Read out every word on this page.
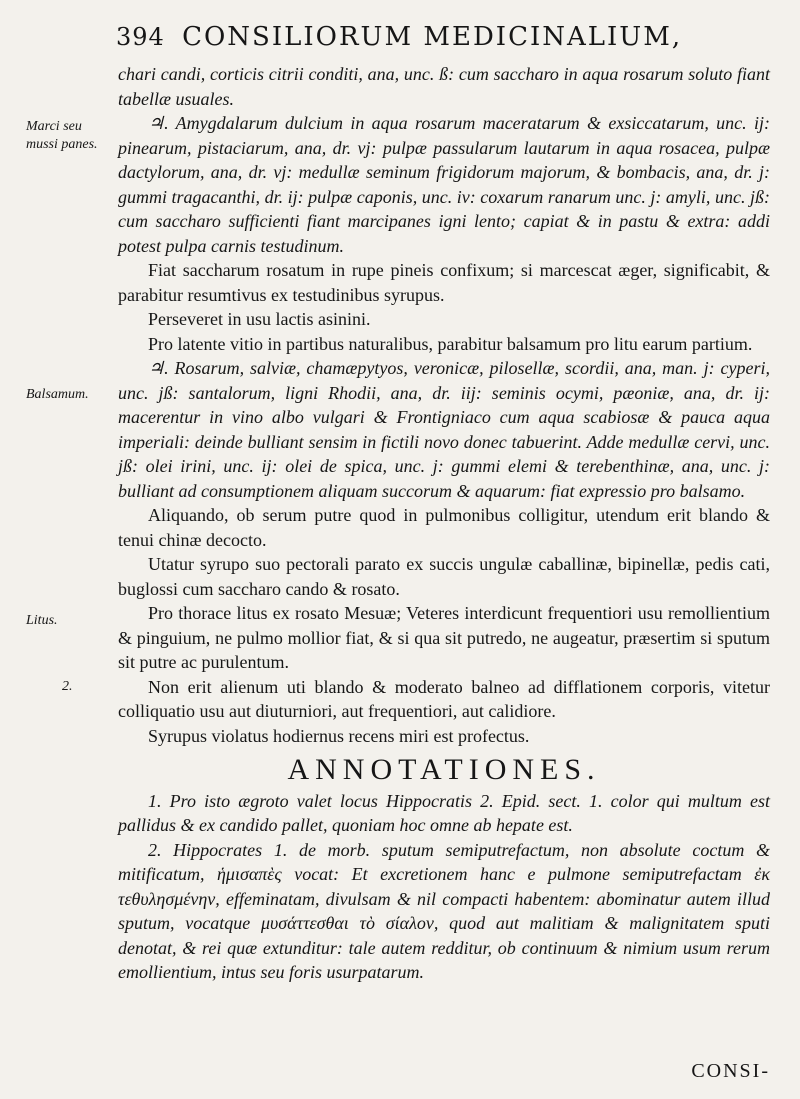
394 CONSILIORUM MEDICINALIUM,
Marci seu mussi panes.
Balsamum.
Litus.
2.

chari candi, corticis citrii conditi, ana, unc. ß: cum saccharo in aqua rosarum soluto fiant tabellæ usuales.

♃. Amygdalarum dulcium in aqua rosarum maceratarum & exsiccatarum, unc. ij: pinearum, pistaciarum, ana, dr. vj: pulpæ passularum lautarum in aqua rosacea, pulpæ dactylorum, ana, dr. vj: medullæ seminum frigidorum majorum, & bombacis, ana, dr. j: gummi tragacanthi, dr. ij: pulpæ caponis, unc. iv: coxarum ranarum unc. j: amyli, unc. jß: cum saccharo sufficienti fiant marcipanes igni lento; capiat & in pastu & extra: addi potest pulpa carnis testudinum.

Fiat saccharum rosatum in rupe pineis confixum; si marcescat æger, significabit, & parabitur resumtivus ex testudinibus syrupus.

Perseveret in usu lactis asinini.

Pro latente vitio in partibus naturalibus, parabitur balsamum pro litu earum partium.

♃. Rosarum, salviæ, chamæpytyos, veronicæ, pilosellæ, scordii, ana, man. j: cyperi, unc. jß: santalorum, ligni Rhodii, ana, dr. iij: seminis ocymi, pæoniæ, ana, dr. ij: macerentur in vino albo vulgari & Frontigniaco cum aqua scabiosæ & pauca aqua imperiali: deinde bulliant sensim in fictili novo donec tabuerint. Adde medullæ cervi, unc. jß: olei irini, unc. ij: olei de spica, unc. j: gummi elemi & terebenthinæ, ana, unc. j: bulliant ad consumptionem aliquam succorum & aquarum: fiat expressio pro balsamo.

Aliquando, ob serum putre quod in pulmonibus colligitur, utendum erit blando & tenui chinæ decocto.

Utatur syrupo suo pectorali parato ex succis ungulæ caballinæ, bipinellæ, pedis cati, buglossi cum saccharo cando & rosato.

Pro thorace litus ex rosato Mesuæ; Veteres interdicunt frequentiori usu remollientium & pinguium, ne pulmo mollior fiat, & si qua sit putredo, ne augeatur, præsertim si sputum sit putre ac purulentum.

Non erit alienum uti blando & moderato balneo ad difflationem corporis, vitetur colliquatio usu aut diuturniori, aut frequentiori, aut calidiore.

Syrupus violatus hodiernus recens miri est profectus.

ANNOTATIONES.

1. Pro isto ægroto valet locus Hippocratis 2. Epid. sect. 1. color qui multum est pallidus & ex candido pallet, quoniam hoc omne ab hepate est.

2. Hippocrates 1. de morb. sputum semiputrefactum, non absolute coctum & mitificatum, ἡμισαπὲς vocat: Et excretionem hanc e pulmone semiputrefactam ἐκ τεθυλησμένην, effeminatam, divulsam & nil compacti habentem: abominatur autem illud sputum, vocatque μυσάττεσθαι τὸ σίαλον, quod aut malitiam & malignitatem sputi denotat, & rei quæ extunditur: tale autem redditur, ob continuum & nimium usum rerum emollientium, intus seu foris usurpatarum.

CONSI-
